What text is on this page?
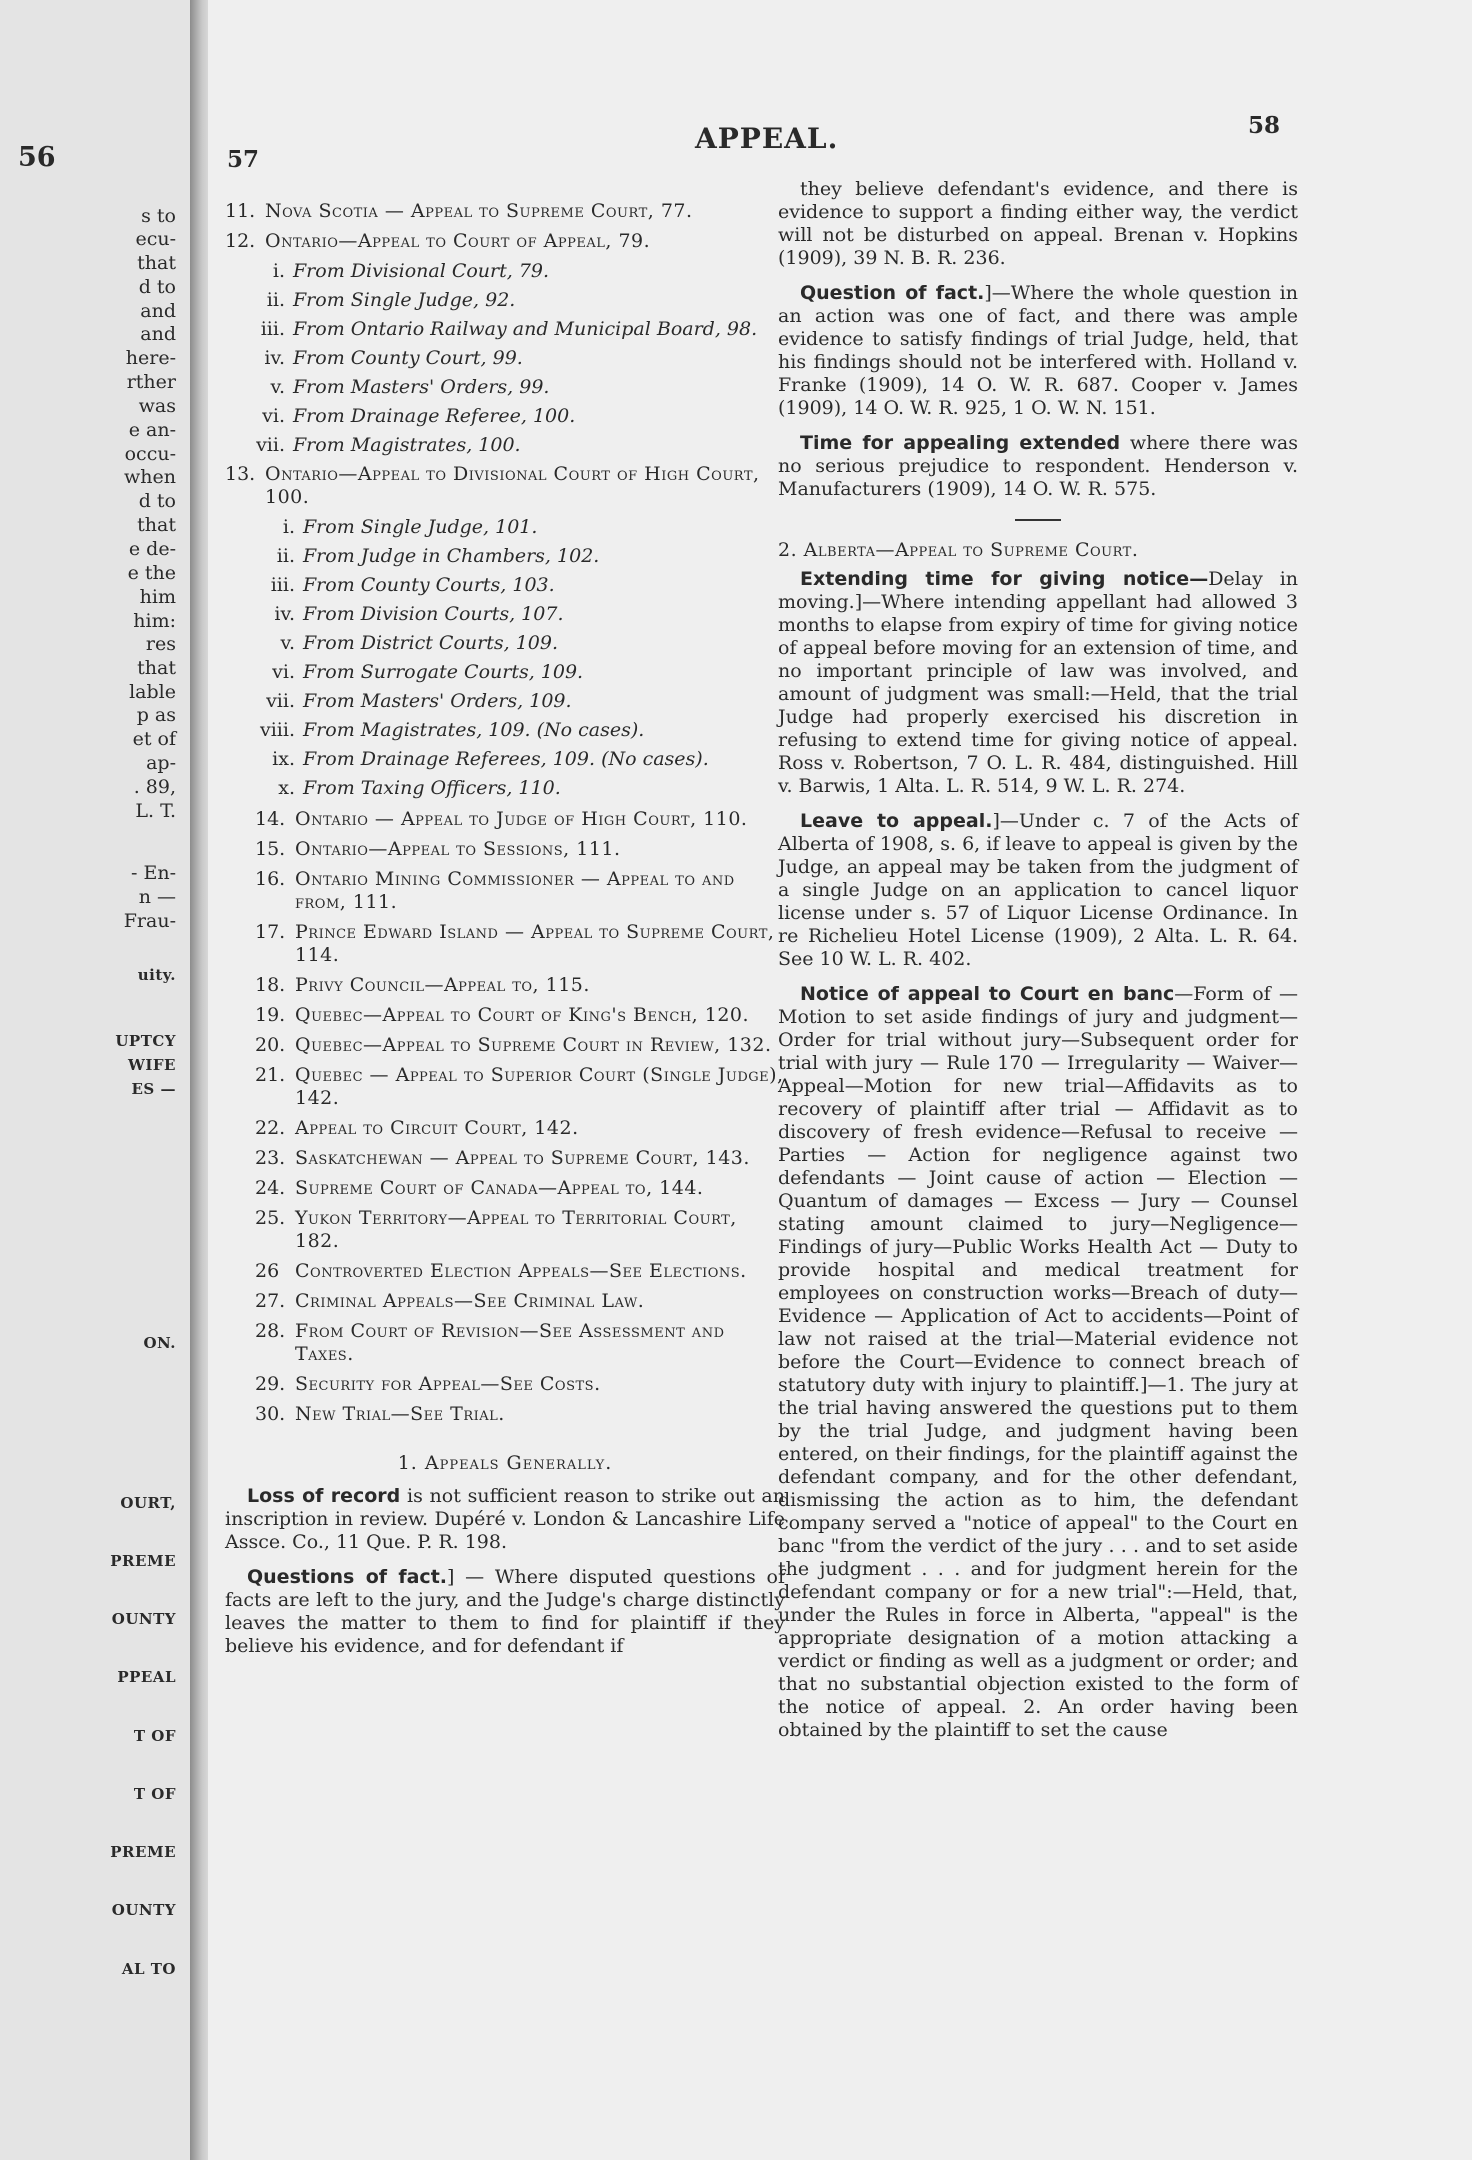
56
s to
ecu-
that
d to
and
and
here-
rther
was
e an-
occu-
when
d to
that
e de-
e the
him
him:
res
that
lable
p as
et of
ap-
. 89,
L. T.
- En-
n —
Frau-
uity.
UPTCY
WIFE
ES —
ON.
OURT,
PREME
OUNTY
PPEAL
T OF
T OF
PREME
OUNTY
AL TO
57
58
APPEAL.
11. Nova Scotia — Appeal to Supreme Court, 77.
12. Ontario—Appeal to Court of Appeal, 79.
i. From Divisional Court, 79.
ii. From Single Judge, 92.
iii. From Ontario Railway and Municipal Board, 98.
iv. From County Court, 99.
v. From Masters' Orders, 99.
vi. From Drainage Referee, 100.
vii. From Magistrates, 100.
13. Ontario—Appeal to Divisional Court of High Court, 100.
i. From Single Judge, 101.
ii. From Judge in Chambers, 102.
iii. From County Courts, 103.
iv. From Division Courts, 107.
v. From District Courts, 109.
vi. From Surrogate Courts, 109.
vii. From Masters' Orders, 109.
viii. From Magistrates, 109. (No cases).
ix. From Drainage Referees, 109. (No cases).
x. From Taxing Officers, 110.
14. Ontario — Appeal to Judge of High Court, 110.
15. Ontario—Appeal to Sessions, 111.
16. Ontario Mining Commissioner — Appeal to and from, 111.
17. Prince Edward Island — Appeal to Supreme Court, 114.
18. Privy Council—Appeal to, 115.
19. Quebec—Appeal to Court of King's Bench, 120.
20. Quebec—Appeal to Supreme Court in Review, 132.
21. Quebec — Appeal to Superior Court (Single Judge), 142.
22. Appeal to Circuit Court, 142.
23. Saskatchewan — Appeal to Supreme Court, 143.
24. Supreme Court of Canada—Appeal to, 144.
25. Yukon Territory—Appeal to Territorial Court, 182.
26 Controverted Election Appeals—See Elections.
27. Criminal Appeals—See Criminal Law.
28. From Court of Revision—See Assessment and Taxes.
29. Security for Appeal—See Costs.
30. New Trial—See Trial.
1. Appeals Generally.

Loss of record is not sufficient reason to strike out an inscription in review. Dupéré v. London & Lancashire Life Assce. Co., 11 Que. P. R. 198.

Questions of fact.] — Where disputed questions of facts are left to the jury, and the Judge's charge distinctly leaves the matter to them to find for plaintiff if they believe his evidence, and for defendant if

they believe defendant's evidence, and there is evidence to support a finding either way, the verdict will not be disturbed on appeal. Brenan v. Hopkins (1909), 39 N. B. R. 236.

Question of fact.]—Where the whole question in an action was one of fact, and there was ample evidence to satisfy findings of trial Judge, held, that his findings should not be interfered with. Holland v. Franke (1909), 14 O. W. R. 687. Cooper v. James (1909), 14 O. W. R. 925, 1 O. W. N. 151.

Time for appealing extended where there was no serious prejudice to respondent. Henderson v. Manufacturers (1909), 14 O. W. R. 575.

2. Alberta—Appeal to Supreme Court.

Extending time for giving notice—Delay in moving.]—Where intending appellant had allowed 3 months to elapse from expiry of time for giving notice of appeal before moving for an extension of time, and no important principle of law was involved, and amount of judgment was small:—Held, that the trial Judge had properly exercised his discretion in refusing to extend time for giving notice of appeal. Ross v. Robertson, 7 O. L. R. 484, distinguished. Hill v. Barwis, 1 Alta. L. R. 514, 9 W. L. R. 274.

Leave to appeal.]—Under c. 7 of the Acts of Alberta of 1908, s. 6, if leave to appeal is given by the Judge, an appeal may be taken from the judgment of a single Judge on an application to cancel liquor license under s. 57 of Liquor License Ordinance. In re Richelieu Hotel License (1909), 2 Alta. L. R. 64. See 10 W. L. R. 402.

Notice of appeal to Court en banc—Form of — Motion to set aside findings of jury and judgment—Order for trial without jury—Subsequent order for trial with jury — Rule 170 — Irregularity — Waiver—Appeal—Motion for new trial—Affidavits as to recovery of plaintiff after trial — Affidavit as to discovery of fresh evidence—Refusal to receive — Parties — Action for negligence against two defendants — Joint cause of action — Election — Quantum of damages — Excess — Jury — Counsel stating amount claimed to jury—Negligence—Findings of jury—Public Works Health Act — Duty to provide hospital and medical treatment for employees on construction works—Breach of duty—Evidence — Application of Act to accidents—Point of law not raised at the trial—Material evidence not before the Court—Evidence to connect breach of statutory duty with injury to plaintiff.]—1. The jury at the trial having answered the questions put to them by the trial Judge, and judgment having been entered, on their findings, for the plaintiff against the defendant company, and for the other defendant, dismissing the action as to him, the defendant company served a "notice of appeal" to the Court en banc "from the verdict of the jury . . . and to set aside the judgment . . . and for judgment herein for the defendant company or for a new trial":—Held, that, under the Rules in force in Alberta, "appeal" is the appropriate designation of a motion attacking a verdict or finding as well as a judgment or order; and that no substantial objection existed to the form of the notice of appeal. 2. An order having been obtained by the plaintiff to set the cause
